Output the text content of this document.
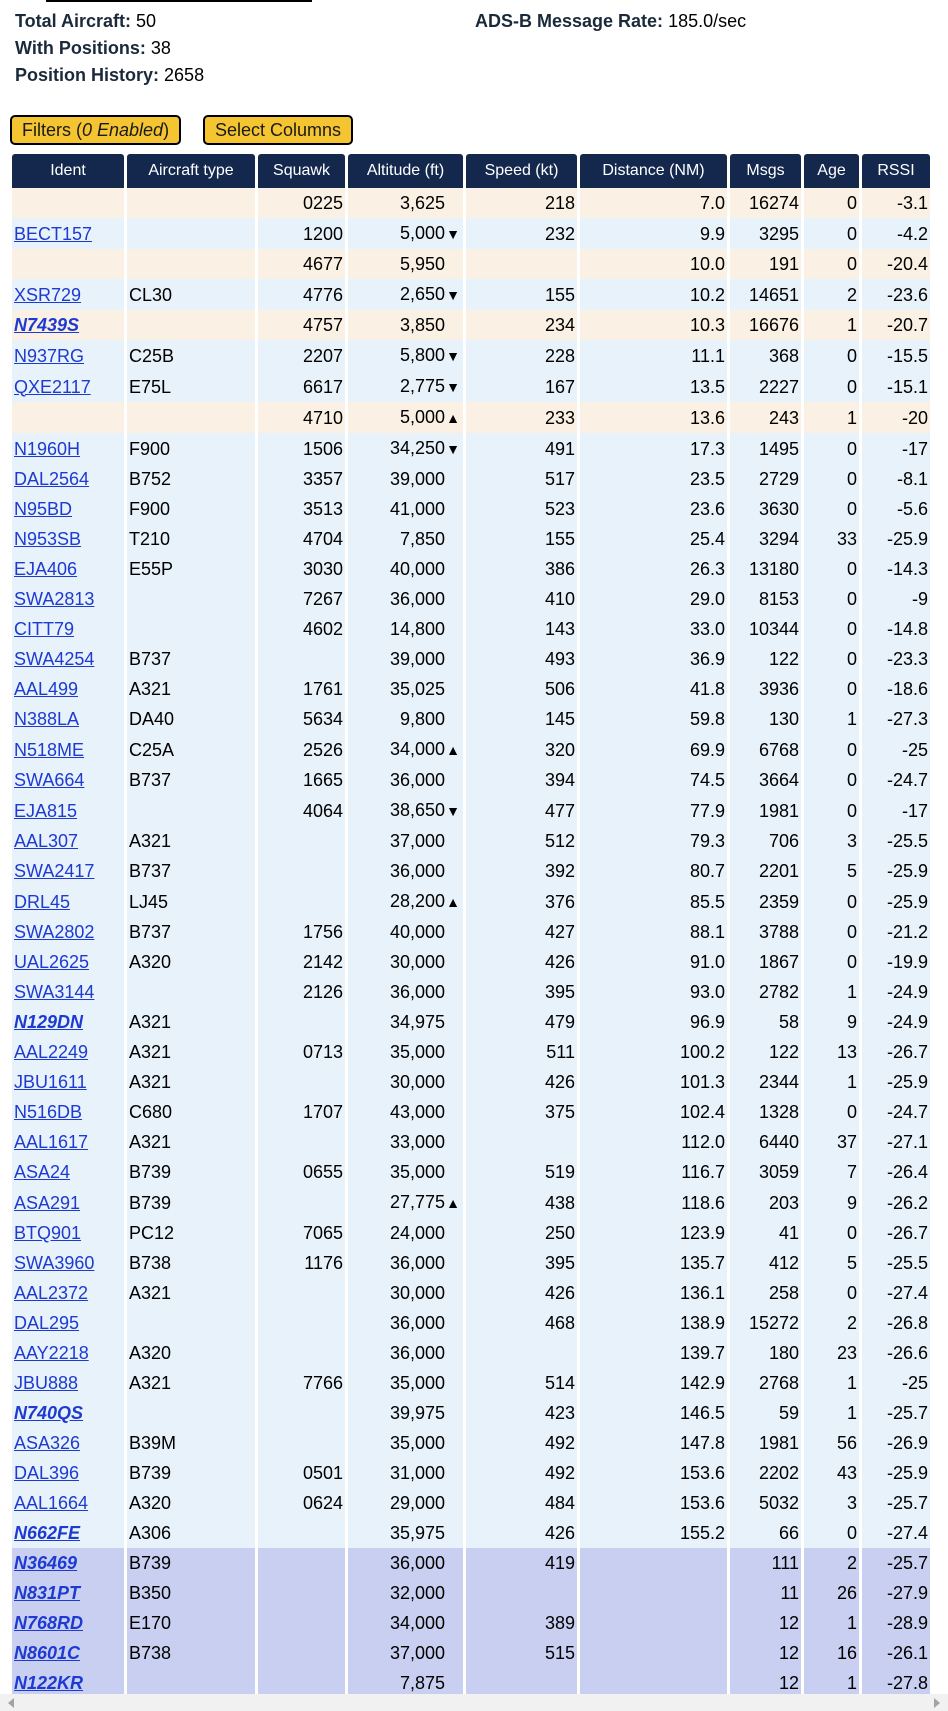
Total Aircraft: 50
With Positions: 38
Position History: 2658
ADS-B Message Rate: 185.0/sec
Filters (0 Enabled)	Select Columns
Ident	Aircraft type	Squawk	Altitude (ft)	Speed (kt)	Distance (NM)	Msgs	Age	RSSI
		0225	3,625	218	7.0	16274	0	-3.1
BECT157		1200	5,000▼	232	9.9	3295	0	-4.2
		4677	5,950		10.0	191	0	-20.4
XSR729	CL30	4776	2,650▼	155	10.2	14651	2	-23.6
N7439S		4757	3,850	234	10.3	16676	1	-20.7
N937RG	C25B	2207	5,800▼	228	11.1	368	0	-15.5
QXE2117	E75L	6617	2,775▼	167	13.5	2227	0	-15.1
		4710	5,000▲	233	13.6	243	1	-20
N1960H	F900	1506	34,250▼	491	17.3	1495	0	-17
DAL2564	B752	3357	39,000	517	23.5	2729	0	-8.1
N95BD	F900	3513	41,000	523	23.6	3630	0	-5.6
N953SB	T210	4704	7,850	155	25.4	3294	33	-25.9
EJA406	E55P	3030	40,000	386	26.3	13180	0	-14.3
SWA2813		7267	36,000	410	29.0	8153	0	-9
CITT79		4602	14,800	143	33.0	10344	0	-14.8
SWA4254	B737		39,000	493	36.9	122	0	-23.3
AAL499	A321	1761	35,025	506	41.8	3936	0	-18.6
N388LA	DA40	5634	9,800	145	59.8	130	1	-27.3
N518ME	C25A	2526	34,000▲	320	69.9	6768	0	-25
SWA664	B737	1665	36,000	394	74.5	3664	0	-24.7
EJA815		4064	38,650▼	477	77.9	1981	0	-17
AAL307	A321		37,000	512	79.3	706	3	-25.5
SWA2417	B737		36,000	392	80.7	2201	5	-25.9
DRL45	LJ45		28,200▲	376	85.5	2359	0	-25.9
SWA2802	B737	1756	40,000	427	88.1	3788	0	-21.2
UAL2625	A320	2142	30,000	426	91.0	1867	0	-19.9
SWA3144		2126	36,000	395	93.0	2782	1	-24.9
N129DN	A321		34,975	479	96.9	58	9	-24.9
AAL2249	A321	0713	35,000	511	100.2	122	13	-26.7
JBU1611	A321		30,000	426	101.3	2344	1	-25.9
N516DB	C680	1707	43,000	375	102.4	1328	0	-24.7
AAL1617	A321		33,000		112.0	6440	37	-27.1
ASA24	B739	0655	35,000	519	116.7	3059	7	-26.4
ASA291	B739		27,775▲	438	118.6	203	9	-26.2
BTQ901	PC12	7065	24,000	250	123.9	41	0	-26.7
SWA3960	B738	1176	36,000	395	135.7	412	5	-25.5
AAL2372	A321		30,000	426	136.1	258	0	-27.4
DAL295			36,000	468	138.9	15272	2	-26.8
AAY2218	A320		36,000		139.7	180	23	-26.6
JBU888	A321	7766	35,000	514	142.9	2768	1	-25
N740QS			39,975	423	146.5	59	1	-25.7
ASA326	B39M		35,000	492	147.8	1981	56	-26.9
DAL396	B739	0501	31,000	492	153.6	2202	43	-25.9
AAL1664	A320	0624	29,000	484	153.6	5032	3	-25.7
N662FE	A306		35,975	426	155.2	66	0	-27.4
N36469	B739		36,000	419		111	2	-25.7
N831PT	B350		32,000			11	26	-27.9
N768RD	E170		34,000	389		12	1	-28.9
N8601C	B738		37,000	515		12	16	-26.1
N122KR			7,875			12	1	-27.8
